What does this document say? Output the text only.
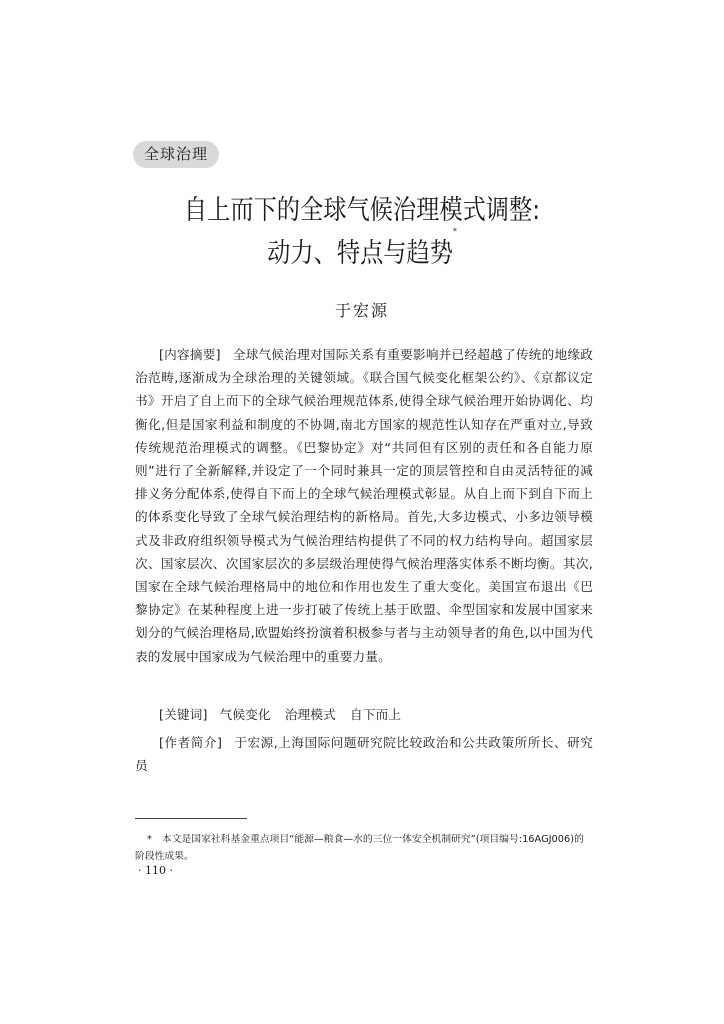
全球治理
自上而下的全球气候治理模式调整:
动力、特点与趋势*
于宏源
[内容摘要] 全球气候治理对国际关系有重要影响并已经超越了传统的地缘政治范畴,逐渐成为全球治理的关键领域。《联合国气候变化框架公约》、《京都议定书》开启了自上而下的全球气候治理规范体系,使得全球气候治理开始协调化、均衡化,但是国家利益和制度的不协调,南北方国家的规范性认知存在严重对立,导致传统规范治理模式的调整。《巴黎协定》对“共同但有区别的责任和各自能力原则”进行了全新解释,并设定了一个同时兼具一定的顶层管控和自由灵活特征的减排义务分配体系,使得自下而上的全球气候治理模式彰显。从自上而下到自下而上的体系变化导致了全球气候治理结构的新格局。首先,大多边模式、小多边领导模式及非政府组织领导模式为气候治理结构提供了不同的权力结构导向。超国家层次、国家层次、次国家层次的多层级治理使得气候治理落实体系不断均衡。其次,国家在全球气候治理格局中的地位和作用也发生了重大变化。美国宣布退出《巴黎协定》在某种程度上进一步打破了传统上基于欧盟、伞型国家和发展中国家来划分的气候治理格局,欧盟始终扮演着积极参与者与主动领导者的角色,以中国为代表的发展中国家成为气候治理中的重要力量。
[关键词] 气候变化 治理模式 自下而上
[作者简介] 于宏源,上海国际问题研究院比较政治和公共政策所所长、研究员
* 本文是国家社科基金重点项目“能源—粮食—水的三位一体安全机制研究”(项目编号:16AGJ006)的阶段性成果。
· 110 ·
